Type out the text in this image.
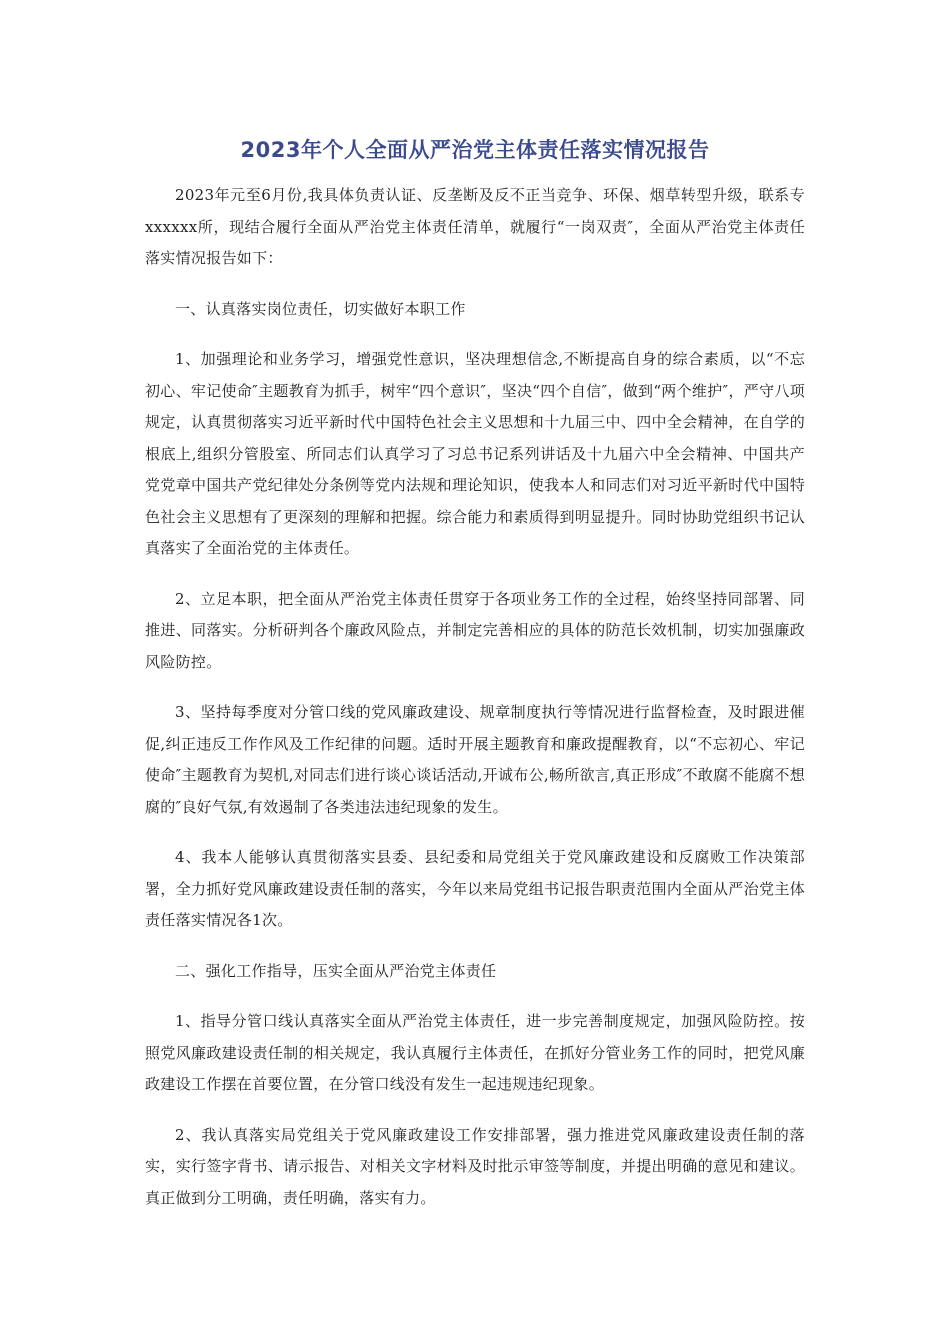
2023年个人全面从严治党主体责任落实情况报告

2023年元至6月份,我具体负责认证、反垄断及反不正当竞争、环保、烟草转型升级，联系专xxxxxx所，现结合履行全面从严治党主体责任清单，就履行“一岗双责″，全面从严治党主体责任落实情况报告如下：

一、认真落实岗位责任，切实做好本职工作

1、加强理论和业务学习，增强党性意识，坚决理想信念,不断提高自身的综合素质，以“不忘初心、牢记使命″主题教育为抓手，树牢“四个意识″，坚决“四个自信″，做到“两个维护″，严守八项规定，认真贯彻落实习近平新时代中国特色社会主义思想和十九届三中、四中全会精神，在自学的根底上,组织分管股室、所同志们认真学习了习总书记系列讲话及十九届六中全会精神、中国共产党党章中国共产党纪律处分条例等党内法规和理论知识，使我本人和同志们对习近平新时代中国特色社会主义思想有了更深刻的理解和把握。综合能力和素质得到明显提升。同时协助党组织书记认真落实了全面治党的主体责任。

2、立足本职，把全面从严治党主体责任贯穿于各项业务工作的全过程，始终坚持同部署、同推进、同落实。分析研判各个廉政风险点，并制定完善相应的具体的防范长效机制，切实加强廉政风险防控。

3、坚持每季度对分管口线的党风廉政建设、规章制度执行等情况进行监督检查，及时跟进催促,纠正违反工作作风及工作纪律的问题。适时开展主题教育和廉政提醒教育，以“不忘初心、牢记使命″主题教育为契机,对同志们进行谈心谈话活动,开诚布公,畅所欲言,真正形成″不敢腐不能腐不想腐的″良好气氛,有效遏制了各类违法违纪现象的发生。

4、我本人能够认真贯彻落实县委、县纪委和局党组关于党风廉政建设和反腐败工作决策部署，全力抓好党风廉政建设责任制的落实，今年以来局党组书记报告职责范围内全面从严治党主体责任落实情况各1次。

二、强化工作指导，压实全面从严治党主体责任

1、指导分管口线认真落实全面从严治党主体责任，进一步完善制度规定，加强风险防控。按照党风廉政建设责任制的相关规定，我认真履行主体责任，在抓好分管业务工作的同时，把党风廉政建设工作摆在首要位置，在分管口线没有发生一起违规违纪现象。

2、我认真落实局党组关于党风廉政建设工作安排部署，强力推进党风廉政建设责任制的落实，实行签字背书、请示报告、对相关文字材料及时批示审签等制度，并提出明确的意见和建议。真正做到分工明确，责任明确，落实有力。
